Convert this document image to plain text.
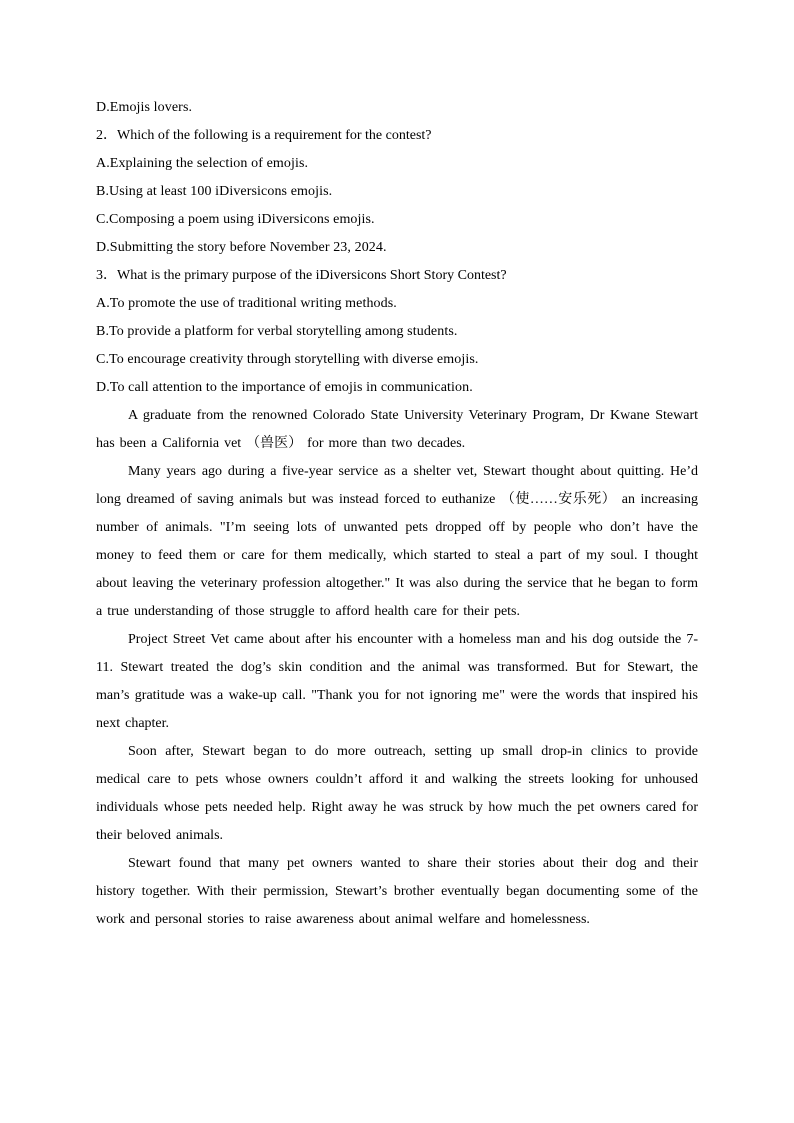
D.Emojis lovers.
2．Which of the following is a requirement for the contest?
A.Explaining the selection of emojis.
B.Using at least 100 iDiversicons emojis.
C.Composing a poem using iDiversicons emojis.
D.Submitting the story before November 23, 2024.
3．What is the primary purpose of the iDiversicons Short Story Contest?
A.To promote the use of traditional writing methods.
B.To provide a platform for verbal storytelling among students.
C.To encourage creativity through storytelling with diverse emojis.
D.To call attention to the importance of emojis in communication.

A graduate from the renowned Colorado State University Veterinary Program, Dr Kwane Stewart has been a California vet （兽医） for more than two decades.

Many years ago during a five-year service as a shelter vet, Stewart thought about quitting. He’d long dreamed of saving animals but was instead forced to euthanize （使……安乐死） an increasing number of animals. "I’m seeing lots of unwanted pets dropped off by people who don’t have the money to feed them or care for them medically, which started to steal a part of my soul. I thought about leaving the veterinary profession altogether." It was also during the service that he began to form a true understanding of those struggle to afford health care for their pets.

Project Street Vet came about after his encounter with a homeless man and his dog outside the 7-11. Stewart treated the dog’s skin condition and the animal was transformed. But for Stewart, the man’s gratitude was a wake-up call. "Thank you for not ignoring me" were the words that inspired his next chapter.

Soon after, Stewart began to do more outreach, setting up small drop-in clinics to provide medical care to pets whose owners couldn’t afford it and walking the streets looking for unhoused individuals whose pets needed help. Right away he was struck by how much the pet owners cared for their beloved animals.

Stewart found that many pet owners wanted to share their stories about their dog and their history together. With their permission, Stewart’s brother eventually began documenting some of the work and personal stories to raise awareness about animal welfare and homelessness.
